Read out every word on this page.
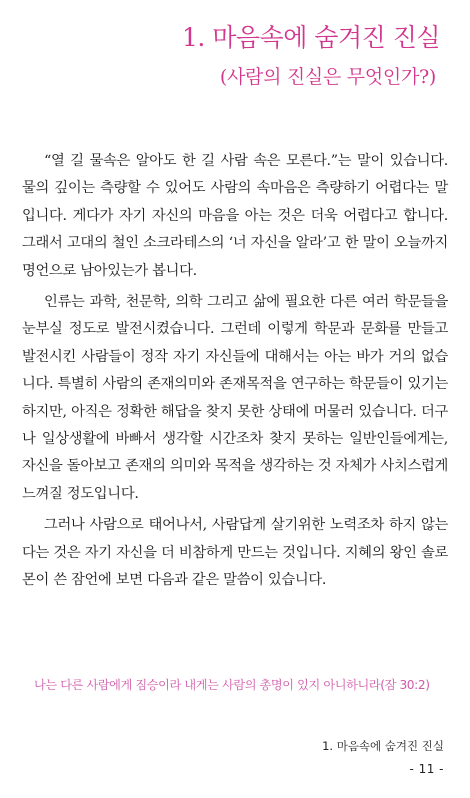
1. 마음속에 숨겨진 진실
(사람의 진실은 무엇인가?)

“열 길 물속은 알아도 한 길 사람 속은 모른다.”는 말이 있습니다. 물의 깊이는 측량할 수 있어도 사람의 속마음은 측량하기 어렵다는 말입니다. 게다가 자기 자신의 마음을 아는 것은 더욱 어렵다고 합니다. 그래서 고대의 철인 소크라테스의 ‘너 자신을 알라’고 한 말이 오늘까지 명언으로 남아있는가 봅니다.

인류는 과학, 천문학, 의학 그리고 삶에 필요한 다른 여러 학문들을 눈부실 정도로 발전시켰습니다. 그런데 이렇게 학문과 문화를 만들고 발전시킨 사람들이 정작 자기 자신들에 대해서는 아는 바가 거의 없습니다. 특별히 사람의 존재의미와 존재목적을 연구하는 학문들이 있기는 하지만, 아직은 정확한 해답을 찾지 못한 상태에 머물러 있습니다. 더구나 일상생활에 바빠서 생각할 시간조차 찾지 못하는 일반인들에게는, 자신을 돌아보고 존재의 의미와 목적을 생각하는 것 자체가 사치스럽게 느껴질 정도입니다.

그러나 사람으로 태어나서, 사람답게 살기위한 노력조차 하지 않는다는 것은 자기 자신을 더 비참하게 만드는 것입니다. 지혜의 왕인 솔로몬이 쓴 잠언에 보면 다음과 같은 말씀이 있습니다.

나는 다른 사람에게 짐승이라 내게는 사람의 총명이 있지 아니하니라(잠 30:2)
1. 마음속에 숨겨진 진실
- 11 -
